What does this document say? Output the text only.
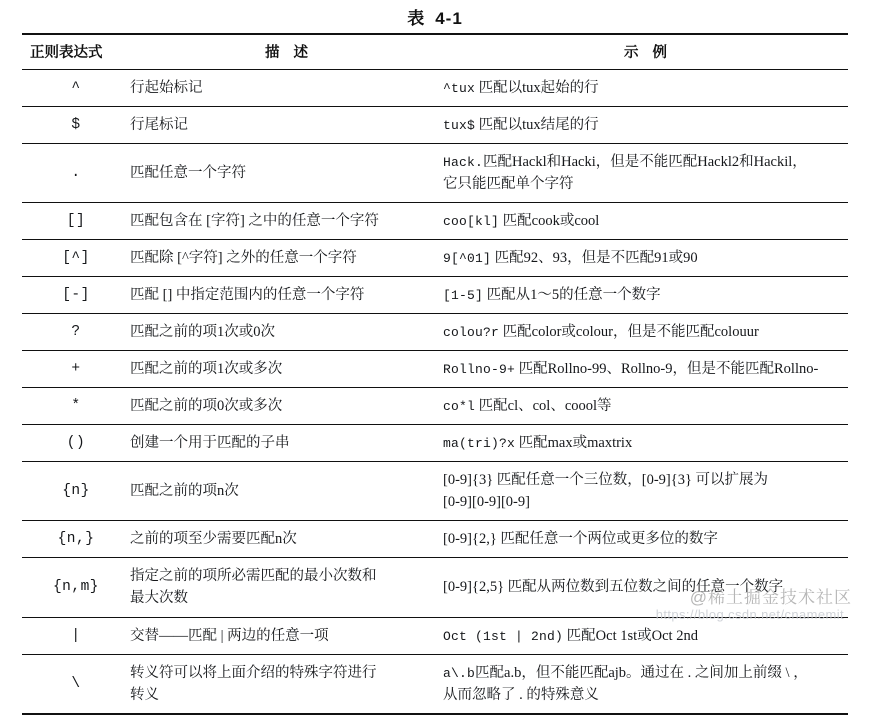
表 4-1
正则表达式	描 述	示 例
^	行起始标记	^tux 匹配以tux起始的行

$	行尾标记	tux$ 匹配以tux结尾的行

.	匹配任意一个字符	Hack.匹配Hackl和Hacki，但是不能匹配Hackl2和Hackil，
它只能匹配单个字符

[]	匹配包含在 [字符] 之中的任意一个字符	coo[kl] 匹配cook或cool

[^]	匹配除 [^字符] 之外的任意一个字符	9[^01] 匹配92、93，但是不匹配91或90

[-]	匹配 [] 中指定范围内的任意一个字符	[1-5] 匹配从1～5的任意一个数字

?	匹配之前的项1次或0次	colou?r 匹配color或colour，但是不能匹配colouur

+	匹配之前的项1次或多次	Rollno-9+ 匹配Rollno-99、Rollno-9，但是不能匹配Rollno-

*	匹配之前的项0次或多次	co*l 匹配cl、col、coool等

()	创建一个用于匹配的子串	ma(tri)?x 匹配max或maxtrix

{n}	匹配之前的项n次	[0-9]{3} 匹配任意一个三位数，[0-9]{3} 可以扩展为
[0-9][0-9][0-9]

{n,}	之前的项至少需要匹配n次	[0-9]{2,} 匹配任意一个两位或更多位的数字

{n,m}	指定之前的项所必需匹配的最小次数和
最大次数	[0-9]{2,5} 匹配从两位数到五位数之间的任意一个数字

|	交替——匹配 | 两边的任意一项	Oct (1st | 2nd) 匹配Oct 1st或Oct 2nd

\	转义符可以将上面介绍的特殊字符进行
转义	a\.b匹配a.b，但不能匹配ajb。通过在 . 之间加上前缀 \ ，
从而忽略了 . 的特殊意义
@稀土掘金技术社区
https://blog.csdn.net/cnamemit
